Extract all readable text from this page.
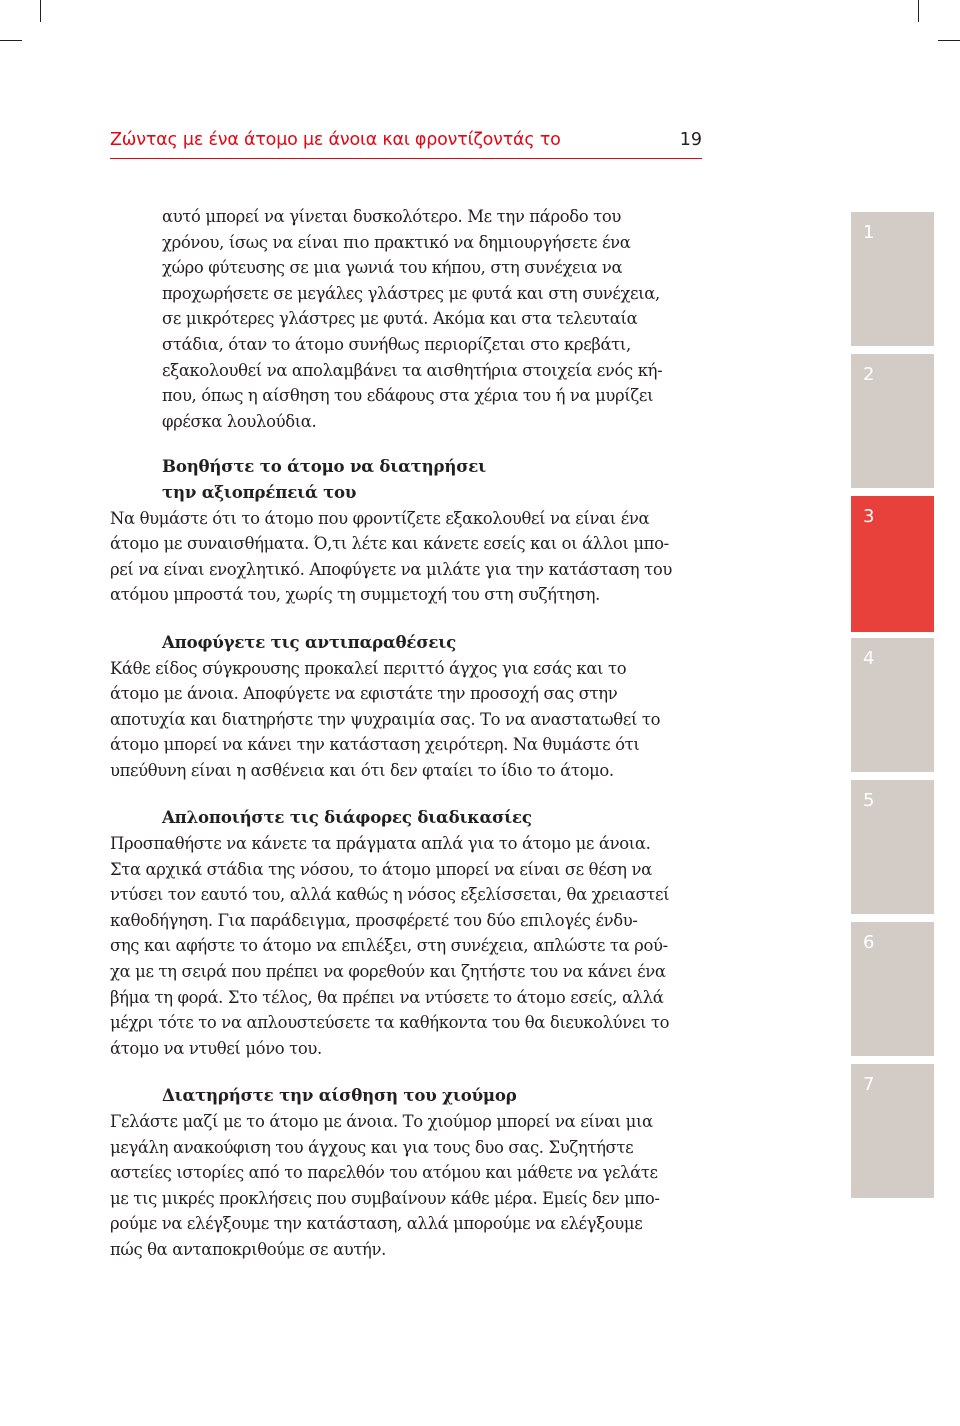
Ζώντας με ένα άτομο με άνοια και φροντίζοντάς το	19

αυτό μπορεί να γίνεται δυσκολότερο. Με την πάροδο του

χρόνου, ίσως να είναι πιο πρακτικό να δημιουργήσετε ένα

χώρο φύτευσης σε μια γωνιά του κήπου, στη συνέχεια να

προχωρήσετε σε μεγάλες γλάστρες με φυτά και στη συνέχεια,

σε μικρότερες γλάστρες με φυτά. Ακόμα και στα τελευταία

στάδια, όταν το άτομο συνήθως περιορίζεται στο κρεβάτι,

εξακολουθεί να απολαμβάνει τα αισθητήρια στοιχεία ενός κή-

που, όπως η αίσθηση του εδάφους στα χέρια του ή να μυρίζει

φρέσκα λουλούδια.

Βοηθήστε το άτομο να διατηρήσει
την αξιοπρέπειά του

Να θυμάστε ότι το άτομο που φροντίζετε εξακολουθεί να είναι ένα

άτομο με συναισθήματα. Ό,τι λέτε και κάνετε εσείς και οι άλλοι μπο-

ρεί να είναι ενοχλητικό. Αποφύγετε να μιλάτε για την κατάσταση του

ατόμου μπροστά του, χωρίς τη συμμετοχή του στη συζήτηση.

Αποφύγετε τις αντιπαραθέσεις

Κάθε είδος σύγκρουσης προκαλεί περιττό άγχος για εσάς και το

άτομο με άνοια. Αποφύγετε να εφιστάτε την προσοχή σας στην

αποτυχία και διατηρήστε την ψυχραιμία σας. Το να αναστατωθεί το

άτομο μπορεί να κάνει την κατάσταση χειρότερη. Να θυμάστε ότι

υπεύθυνη είναι η ασθένεια και ότι δεν φταίει το ίδιο το άτομο.

Απλοποιήστε τις διάφορες διαδικασίες

Προσπαθήστε να κάνετε τα πράγματα απλά για το άτομο με άνοια.

Στα αρχικά στάδια της νόσου, το άτομο μπορεί να είναι σε θέση να

ντύσει τον εαυτό του, αλλά καθώς η νόσος εξελίσσεται, θα χρειαστεί

καθοδήγηση. Για παράδειγμα, προσφέρετέ του δύο επιλογές ένδυ-

σης και αφήστε το άτομο να επιλέξει, στη συνέχεια, απλώστε τα ρού-

χα με τη σειρά που πρέπει να φορεθούν και ζητήστε του να κάνει ένα

βήμα τη φορά. Στο τέλος, θα πρέπει να ντύσετε το άτομο εσείς, αλλά

μέχρι τότε το να απλουστεύσετε τα καθήκοντα του θα διευκολύνει το

άτομο να ντυθεί μόνο του.

Διατηρήστε την αίσθηση του χιούμορ

Γελάστε μαζί με το άτομο με άνοια. Το χιούμορ μπορεί να είναι μια

μεγάλη ανακούφιση του άγχους και για τους δυο σας. Συζητήστε

αστείες ιστορίες από το παρελθόν του ατόμου και μάθετε να γελάτε

με τις μικρές προκλήσεις που συμβαίνουν κάθε μέρα. Εμείς δεν μπο-

ρούμε να ελέγξουμε την κατάσταση, αλλά μπορούμε να ελέγξουμε

πώς θα ανταποκριθούμε σε αυτήν.

1
2
3
4
5
6
7
